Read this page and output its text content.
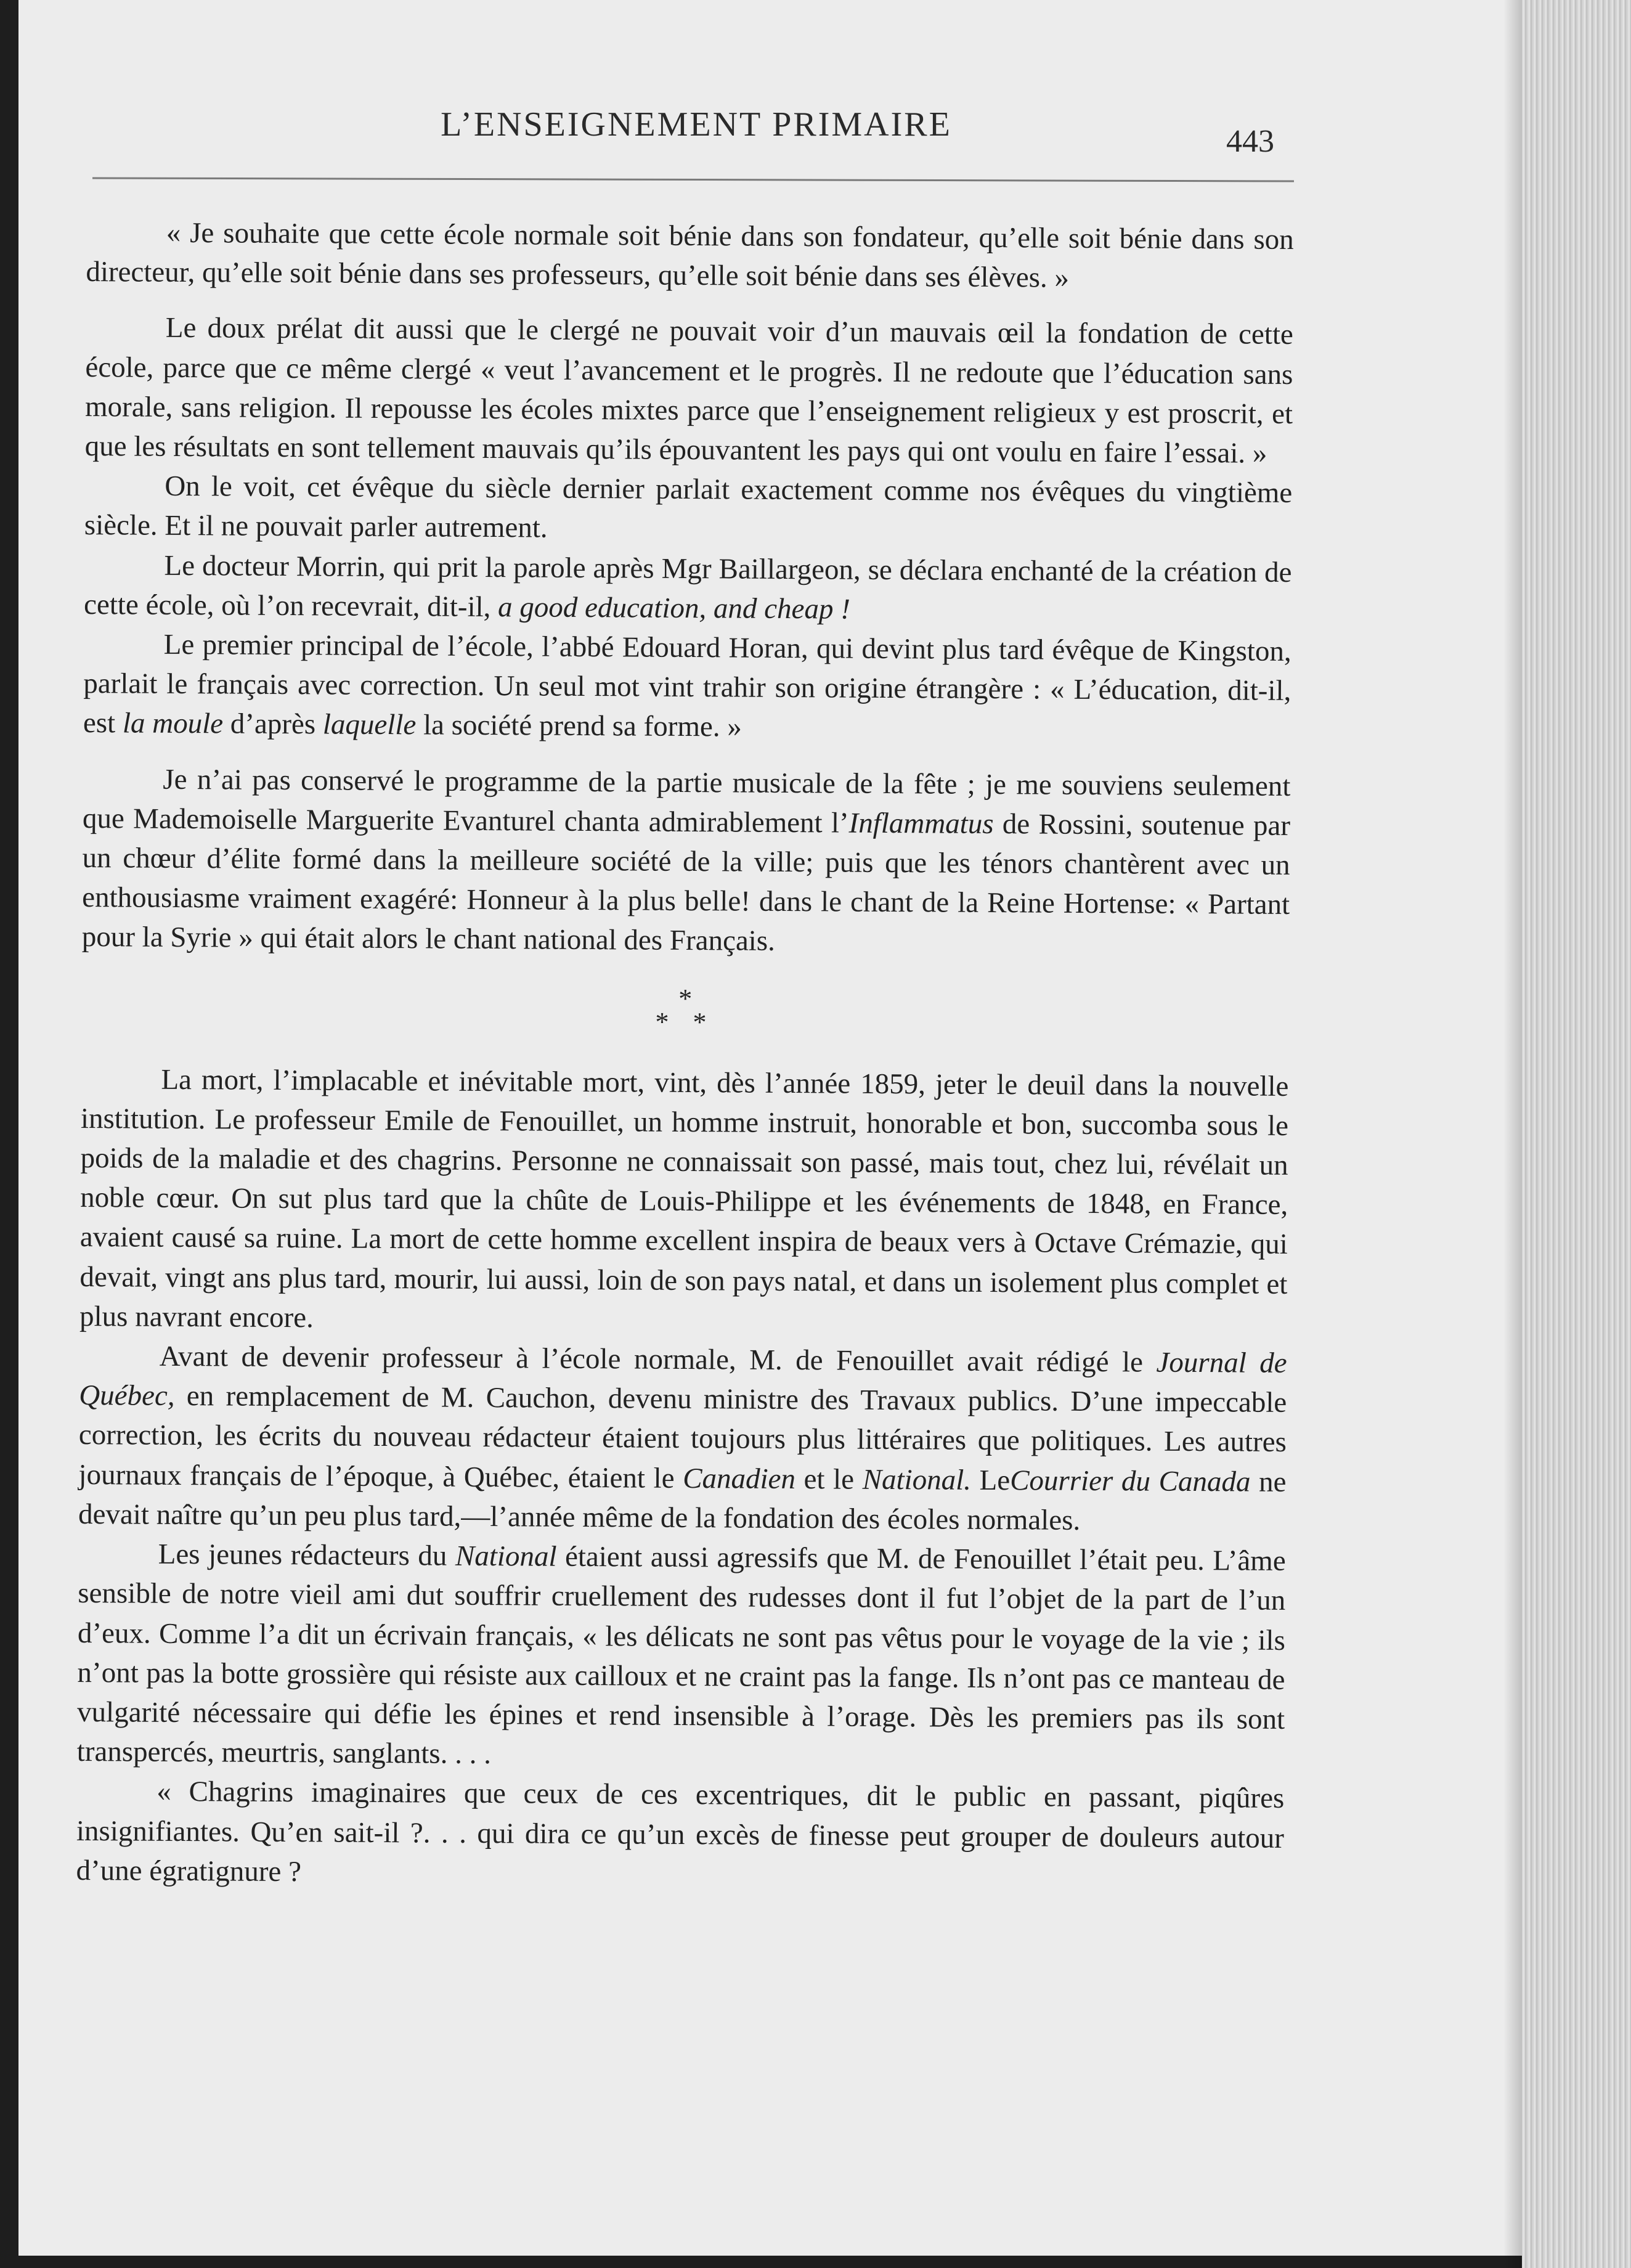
L’ENSEIGNEMENT PRIMAIRE	443

« Je souhaite que cette école normale soit bénie dans son fondateur, qu’elle soit bénie dans son directeur, qu’elle soit bénie dans ses professeurs, qu’elle soit bénie dans ses élèves. »

Le doux prélat dit aussi que le clergé ne pouvait voir d’un mauvais œil la fondation de cette école, parce que ce même clergé « veut l’avancement et le progrès. Il ne redoute que l’éducation sans morale, sans religion. Il repousse les écoles mixtes parce que l’enseignement religieux y est proscrit, et que les résultats en sont tellement mauvais qu’ils épouvantent les pays qui ont voulu en faire l’essai. »

On le voit, cet évêque du siècle dernier parlait exactement comme nos évêques du vingtième siècle. Et il ne pouvait parler autrement.

Le docteur Morrin, qui prit la parole après Mgr Baillargeon, se déclara enchanté de la création de cette école, où l’on recevrait, dit-il, a good education, and cheap !

Le premier principal de l’école, l’abbé Edouard Horan, qui devint plus tard évêque de Kingston, parlait le français avec correction. Un seul mot vint trahir son origine étrangère : « L’éducation, dit-il, est la moule d’après laquelle la société prend sa forme. »

Je n’ai pas conservé le programme de la partie musicale de la fête ; je me souviens seulement que Mademoiselle Marguerite Evanturel chanta admirablement l’Inflammatus de Rossini, soutenue par un chœur d’élite formé dans la meilleure société de la ville; puis que les ténors chantèrent avec un enthousiasme vraiment exagéré: Honneur à la plus belle! dans le chant de la Reine Hortense: « Partant pour la Syrie » qui était alors le chant national des Français.

*
* *

La mort, l’implacable et inévitable mort, vint, dès l’année 1859, jeter le deuil dans la nouvelle institution. Le professeur Emile de Fenouillet, un homme instruit, honorable et bon, succomba sous le poids de la maladie et des chagrins. Personne ne connaissait son passé, mais tout, chez lui, révélait un noble cœur. On sut plus tard que la chûte de Louis-Philippe et les événements de 1848, en France, avaient causé sa ruine. La mort de cette homme excellent inspira de beaux vers à Octave Crémazie, qui devait, vingt ans plus tard, mourir, lui aussi, loin de son pays natal, et dans un isolement plus complet et plus navrant encore.

Avant de devenir professeur à l’école normale, M. de Fenouillet avait rédigé le Journal de Québec, en remplacement de M. Cauchon, devenu ministre des Travaux publics. D’une impeccable correction, les écrits du nouveau rédacteur étaient toujours plus littéraires que politiques. Les autres journaux français de l’époque, à Québec, étaient le Canadien et le National. LeCourrier du Canada ne devait naître qu’un peu plus tard,—l’année même de la fondation des écoles normales.

Les jeunes rédacteurs du National étaient aussi agressifs que M. de Fenouillet l’était peu. L’âme sensible de notre vieil ami dut souffrir cruellement des rudesses dont il fut l’objet de la part de l’un d’eux. Comme l’a dit un écrivain français, « les délicats ne sont pas vêtus pour le voyage de la vie ; ils n’ont pas la botte grossière qui résiste aux cailloux et ne craint pas la fange. Ils n’ont pas ce manteau de vulgarité nécessaire qui défie les épines et rend insensible à l’orage. Dès les premiers pas ils sont transpercés, meurtris, sanglants. . . .

« Chagrins imaginaires que ceux de ces excentriques, dit le public en passant, piqûres insignifiantes. Qu’en sait-il ?. . . qui dira ce qu’un excès de finesse peut grouper de douleurs autour d’une égratignure ?
